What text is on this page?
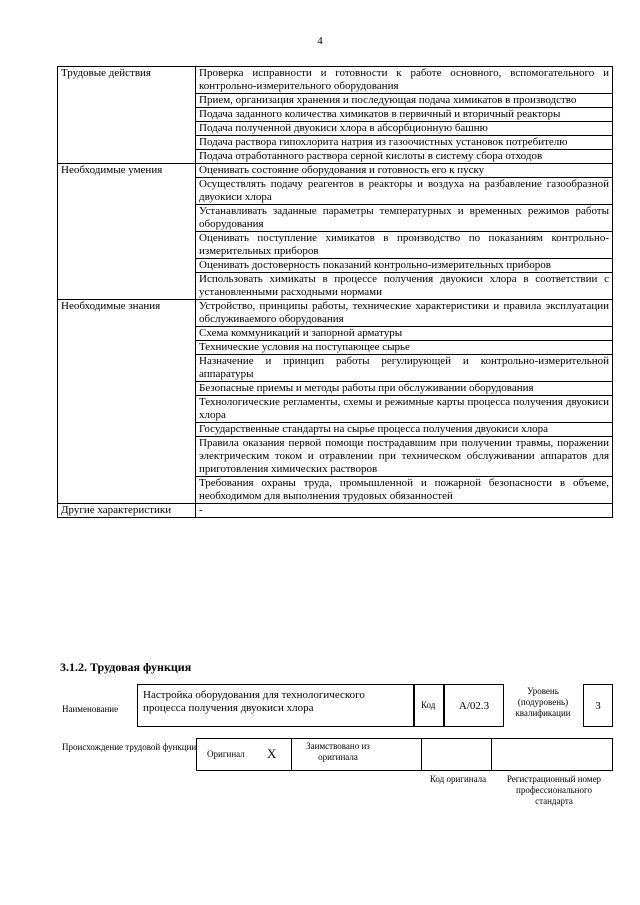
4
Трудовые действия	Проверка исправности и готовности к работе основного, вспомогательного и контрольно-измерительного оборудования
	Прием, организация хранения и последующая подача химикатов в производство
	Подача заданного количества химикатов в первичный и вторичный реакторы
	Подача полученной двуокиси хлора в абсорбционную башню
	Подача раствора гипохлорита натрия из газоочистных установок потребителю
	Подача отработанного раствора серной кислоты в систему сбора отходов
Необходимые умения	Оценивать состояние оборудования и готовность его к пуску
	Осуществлять подачу реагентов в реакторы и воздуха на разбавление газообразной двуокиси хлора
	Устанавливать заданные параметры температурных и временных режимов работы оборудования
	Оценивать поступление химикатов в производство по показаниям контрольно-измерительных приборов
	Оценивать достоверность показаний контрольно-измерительных приборов
	Использовать химикаты в процессе получения двуокиси хлора в соответствии с установленными расходными нормами
Необходимые знания	Устройство, принципы работы, технические характеристики и правила эксплуатации обслуживаемого оборудования
	Схема коммуникаций и запорной арматуры
	Технические условия на поступающее сырье
	Назначение и принцип работы регулирующей и контрольно-измерительной аппаратуры
	Безопасные приемы и методы работы при обслуживании оборудования
	Технологические регламенты, схемы и режимные карты процесса получения двуокиси хлора
	Государственные стандарты на сырье процесса получения двуокиси хлора
	Правила оказания первой помощи пострадавшим при получении травмы, поражении электрическим током и отравлении при техническом обслуживании аппаратов для приготовления химических растворов
	Требования охраны труда, промышленной и пожарной безопасности в объеме, необходимом для выполнения трудовых обязанностей
Другие характеристики	-
3.1.2. Трудовая функция
Наименование
Настройка оборудования для технологического процесса получения двуокиси хлора	Код	А/02.3
Уровень (подуровень) квалификации
3
Происхождение трудовой функции
Оригинал X	Заимствовано из оригинала
Код оригинала	Регистрационный номер профессионального стандарта
